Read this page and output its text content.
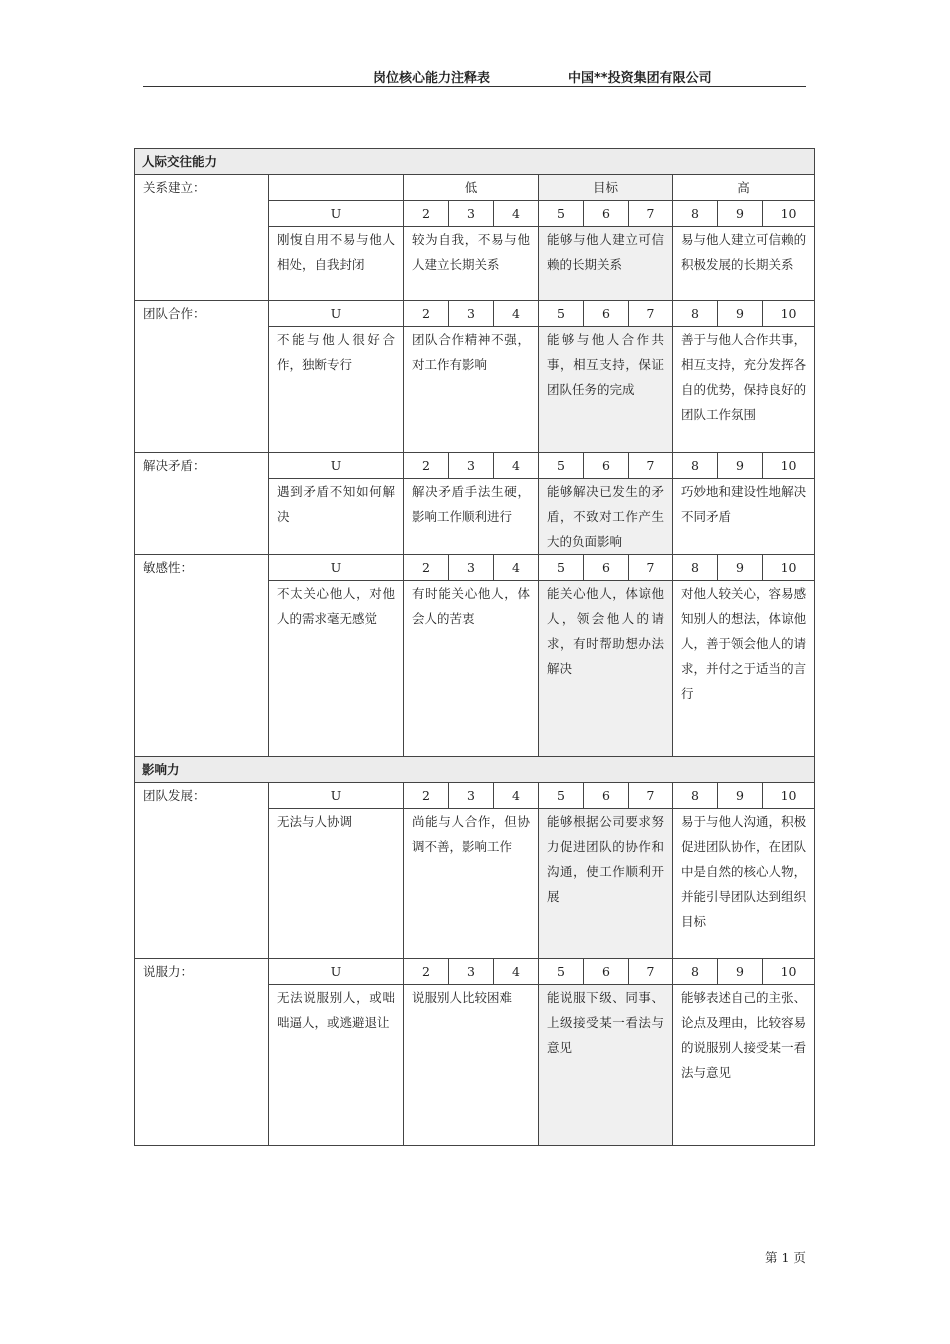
岗位核心能力注释表	中国**投资集团有限公司
人际交往能力										
关系建立：		低			目标			高		
	U	2	3	4	5	6	7	8	9	10
	刚愎自用不易与他人相处，自我封闭	较为自我，不易与他人建立长期关系			能够与他人建立可信赖的长期关系			易与他人建立可信赖的积极发展的长期关系		
团队合作：	U	2	3	4	5	6	7	8	9	10
	不能与他人很好合作，独断专行	团队合作精神不强，对工作有影响			能够与他人合作共事，相互支持，保证团队任务的完成			善于与他人合作共事，相互支持，充分发挥各自的优势，保持良好的团队工作氛围		
解决矛盾：	U	2	3	4	5	6	7	8	9	10
	遇到矛盾不知如何解决	解决矛盾手法生硬，影响工作顺利进行			能够解决已发生的矛盾，不致对工作产生大的负面影响			巧妙地和建设性地解决不同矛盾		
敏感性：	U	2	3	4	5	6	7	8	9	10
	不太关心他人，对他人的需求毫无感觉	有时能关心他人，体会人的苦衷			能关心他人，体谅他人，领会他人的请求，有时帮助想办法解决			对他人较关心，容易感知别人的想法，体谅他人，善于领会他人的请求，并付之于适当的言行		
影响力										
团队发展：	U	2	3	4	5	6	7	8	9	10
	无法与人协调	尚能与人合作，但协调不善，影响工作			能够根据公司要求努力促进团队的协作和沟通，使工作顺利开展			易于与他人沟通，积极促进团队协作，在团队中是自然的核心人物，并能引导团队达到组织目标		
说服力：	U	2	3	4	5	6	7	8	9	10
	无法说服别人，或咄咄逼人，或逃避退让	说服别人比较困难			能说服下级、同事、上级接受某一看法与意见			能够表述自己的主张、论点及理由，比较容易的说服别人接受某一看法与意见		
第 1 页
